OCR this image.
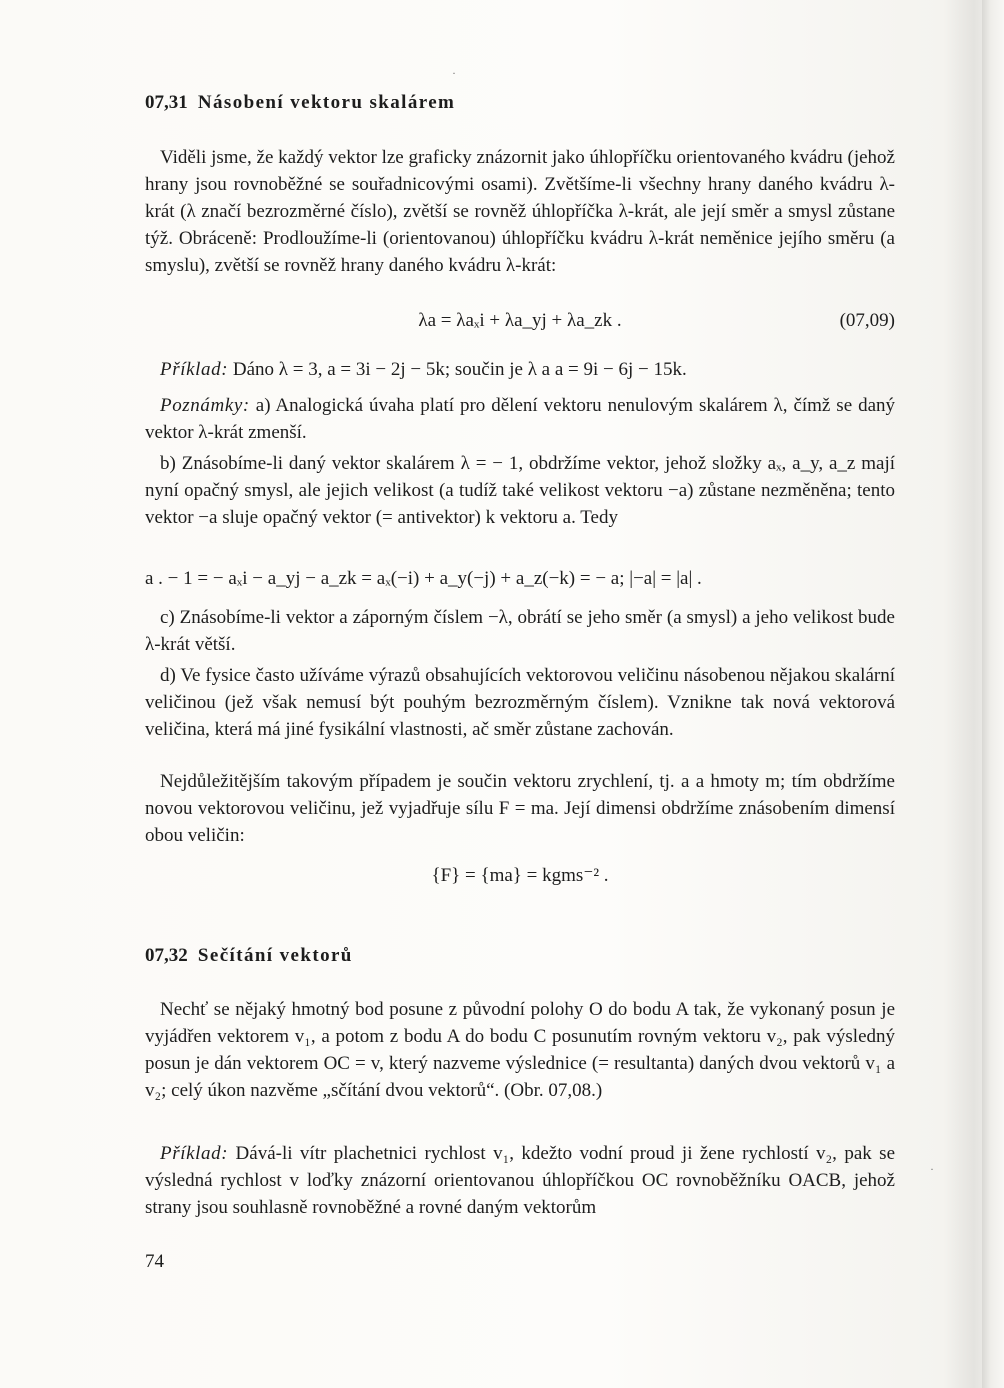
·
·
07,31 Násobení vektoru skalárem

Viděli jsme, že každý vektor lze graficky znázornit jako úhlopříčku orientovaného kvádru (jehož hrany jsou rovnoběžné se souřadnicovými osami). Zvětšíme-li všechny hrany daného kvádru λ-krát (λ značí bezrozměrné číslo), zvětší se rovněž úhlopříčka λ-krát, ale její směr a smysl zůstane týž. Obráceně: Prodloužíme-li (orientovanou) úhlopříčku kvádru λ-krát neměnice jejího směru (a smyslu), zvětší se rovněž hrany daného kvádru λ-krát:

λa = λaₓi + λa_yj + λa_zk .	(07,09)

Příklad: Dáno λ = 3, a = 3i − 2j − 5k; součin je λ a a = 9i − 6j − 15k.

Poznámky: a) Analogická úvaha platí pro dělení vektoru nenulovým skalárem λ, čímž se daný vektor λ-krát zmenší.

b) Znásobíme-li daný vektor skalárem λ = − 1, obdržíme vektor, jehož složky aₓ, a_y, a_z mají nyní opačný smysl, ale jejich velikost (a tudíž také velikost vektoru −a) zůstane nezměněna; tento vektor −a sluje opačný vektor (= antivektor) k vektoru a. Tedy

a . − 1 = − aₓi − a_yj − a_zk = aₓ(−i) + a_y(−j) + a_z(−k) = − a; |−a| = |a| .

c) Znásobíme-li vektor a záporným číslem −λ, obrátí se jeho směr (a smysl) a jeho velikost bude λ-krát větší.

d) Ve fysice často užíváme výrazů obsahujících vektorovou veličinu násobenou nějakou skalární veličinou (jež však nemusí být pouhým bezrozměrným číslem). Vznikne tak nová vektorová veličina, která má jiné fysikální vlastnosti, ač směr zůstane zachován.

Nejdůležitějším takovým případem je součin vektoru zrychlení, tj. a a hmoty m; tím obdržíme novou vektorovou veličinu, jež vyjadřuje sílu F = ma. Její dimensi obdržíme znásobením dimensí obou veličin:

{F} = {ma} = kgms⁻² .
07,32 Sečítání vektorů

Nechť se nějaký hmotný bod posune z původní polohy O do bodu A tak, že vykonaný posun je vyjádřen vektorem v₁, a potom z bodu A do bodu C posunutím rovným vektoru v₂, pak výsledný posun je dán vektorem OC = v, který nazveme výslednice (= resultanta) daných dvou vektorů v₁ a v₂; celý úkon nazvěme „sčítání dvou vektorů“. (Obr. 07,08.)

Příklad: Dává-li vítr plachetnici rychlost v₁, kdežto vodní proud ji žene rychlostí v₂, pak se výsledná rychlost v loďky znázorní orientovanou úhlopříčkou OC rovnoběžníku OACB, jehož strany jsou souhlasně rovnoběžné a rovné daným vektorům

74
